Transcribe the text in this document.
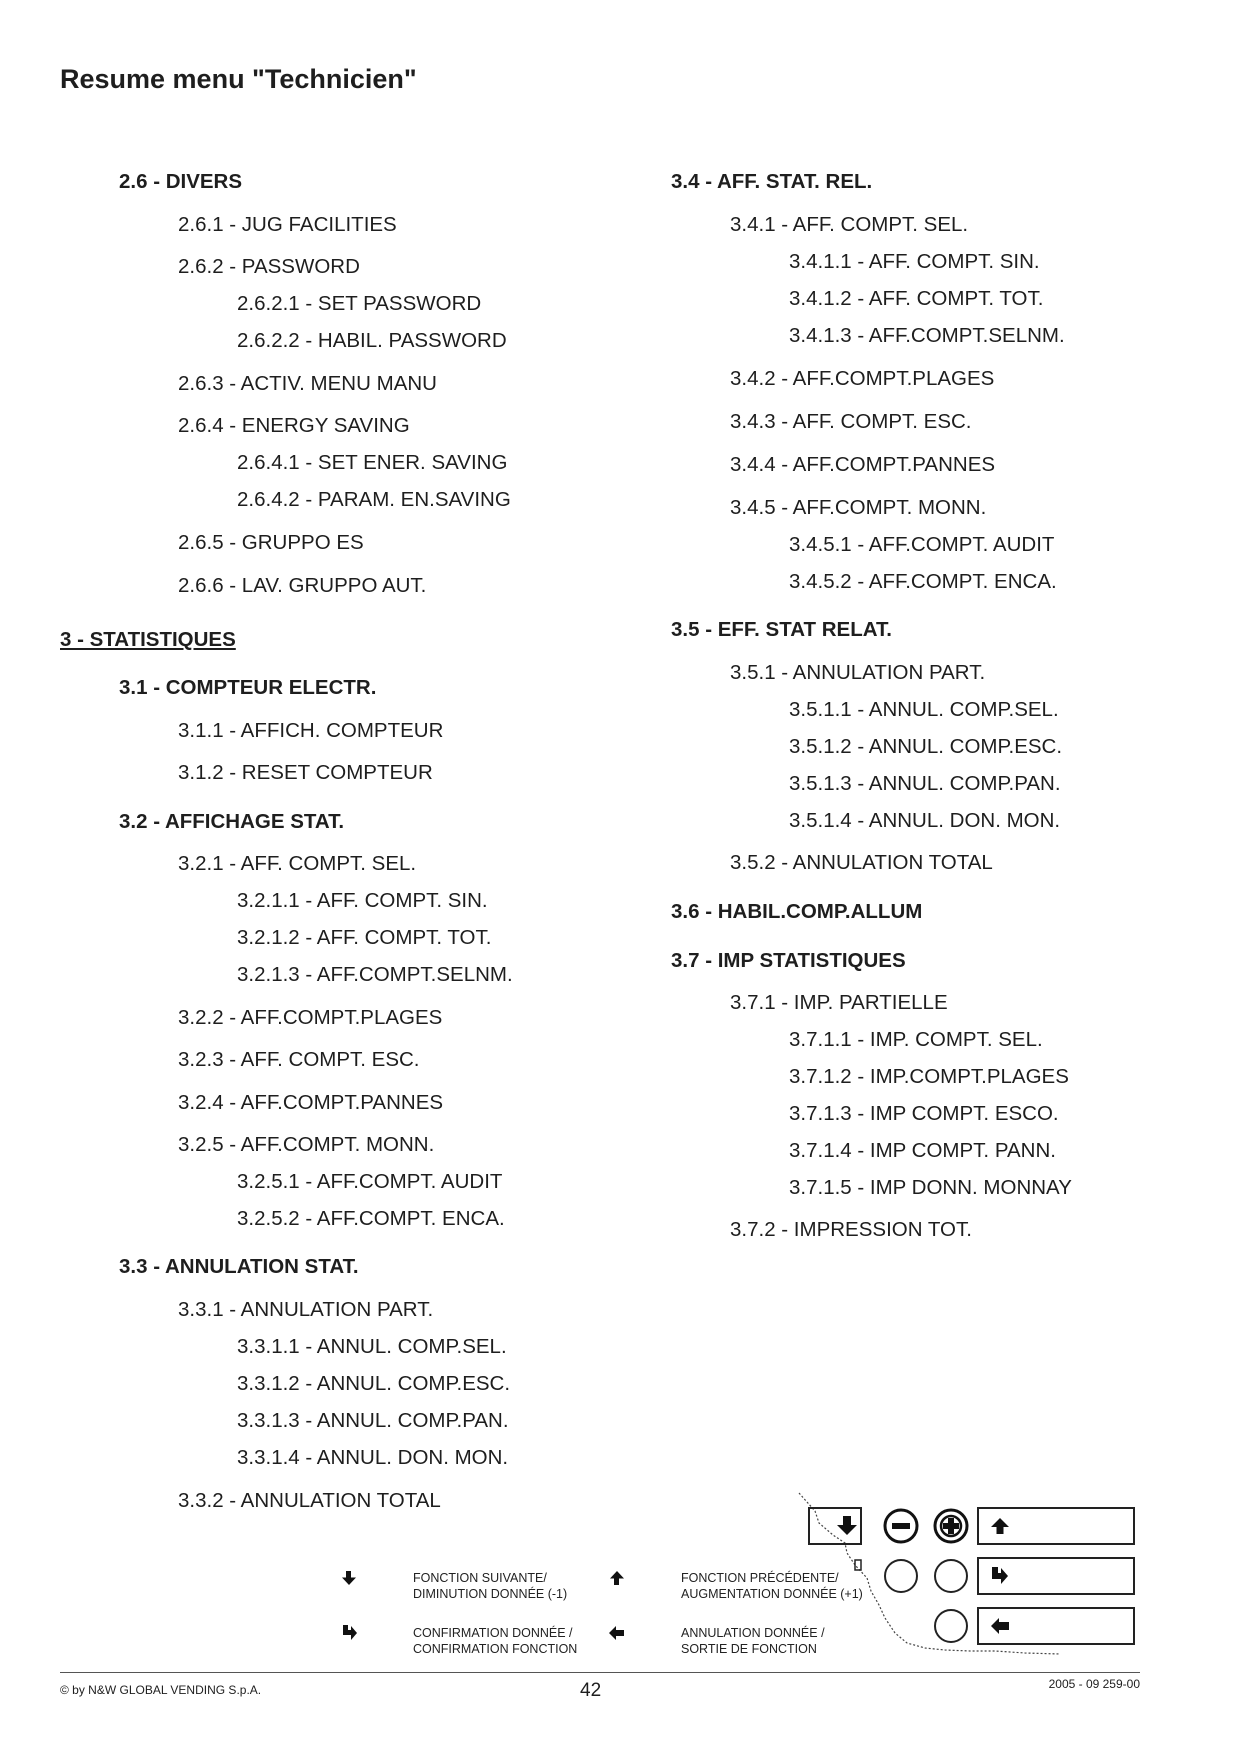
Resume menu "Technicien"
2.6 - DIVERS
2.6.1 - JUG FACILITIES
2.6.2 - PASSWORD
2.6.2.1 - SET PASSWORD
2.6.2.2 - HABIL. PASSWORD
2.6.3 - ACTIV. MENU MANU
2.6.4 - ENERGY SAVING
2.6.4.1 - SET ENER. SAVING
2.6.4.2 - PARAM. EN.SAVING
2.6.5 - GRUPPO ES
2.6.6 - LAV. GRUPPO AUT.
3 - STATISTIQUES
3.1 - COMPTEUR ELECTR.
3.1.1 - AFFICH. COMPTEUR
3.1.2 - RESET COMPTEUR
3.2 - AFFICHAGE STAT.
3.2.1 - AFF. COMPT. SEL.
3.2.1.1 - AFF. COMPT. SIN.
3.2.1.2 - AFF. COMPT. TOT.
3.2.1.3 - AFF.COMPT.SELNM.
3.2.2 - AFF.COMPT.PLAGES
3.2.3 - AFF. COMPT. ESC.
3.2.4 - AFF.COMPT.PANNES
3.2.5 - AFF.COMPT. MONN.
3.2.5.1 - AFF.COMPT. AUDIT
3.2.5.2 - AFF.COMPT. ENCA.
3.3 - ANNULATION STAT.
3.3.1 - ANNULATION PART.
3.3.1.1 - ANNUL. COMP.SEL.
3.3.1.2 - ANNUL. COMP.ESC.
3.3.1.3 - ANNUL. COMP.PAN.
3.3.1.4 - ANNUL. DON. MON.
3.3.2 - ANNULATION TOTAL
3.4 - AFF. STAT. REL.
3.4.1 - AFF. COMPT. SEL.
3.4.1.1 - AFF. COMPT. SIN.
3.4.1.2 - AFF. COMPT. TOT.
3.4.1.3 - AFF.COMPT.SELNM.
3.4.2 - AFF.COMPT.PLAGES
3.4.3 - AFF. COMPT. ESC.
3.4.4 - AFF.COMPT.PANNES
3.4.5 - AFF.COMPT. MONN.
3.4.5.1 - AFF.COMPT. AUDIT
3.4.5.2 - AFF.COMPT. ENCA.
3.5 - EFF. STAT RELAT.
3.5.1 - ANNULATION PART.
3.5.1.1 - ANNUL. COMP.SEL.
3.5.1.2 - ANNUL. COMP.ESC.
3.5.1.3 - ANNUL. COMP.PAN.
3.5.1.4 - ANNUL. DON. MON.
3.5.2 - ANNULATION TOTAL
3.6 - HABIL.COMP.ALLUM
3.7 - IMP STATISTIQUES
3.7.1 - IMP. PARTIELLE
3.7.1.1 - IMP. COMPT. SEL.
3.7.1.2 - IMP.COMPT.PLAGES
3.7.1.3 - IMP COMPT. ESCO.
3.7.1.4 - IMP COMPT. PANN.
3.7.1.5 - IMP DONN. MONNAY
3.7.2 - IMPRESSION TOT.
FONCTION SUIVANTE/
DIMINUTION DONNÉE (-1)
FONCTION PRÉCÉDENTE/
AUGMENTATION DONNÉE (+1)
CONFIRMATION DONNÉE /
CONFIRMATION FONCTION
ANNULATION DONNÉE /
SORTIE DE FONCTION
© by N&W GLOBAL VENDING S.p.A.	42	2005 - 09 259-00
